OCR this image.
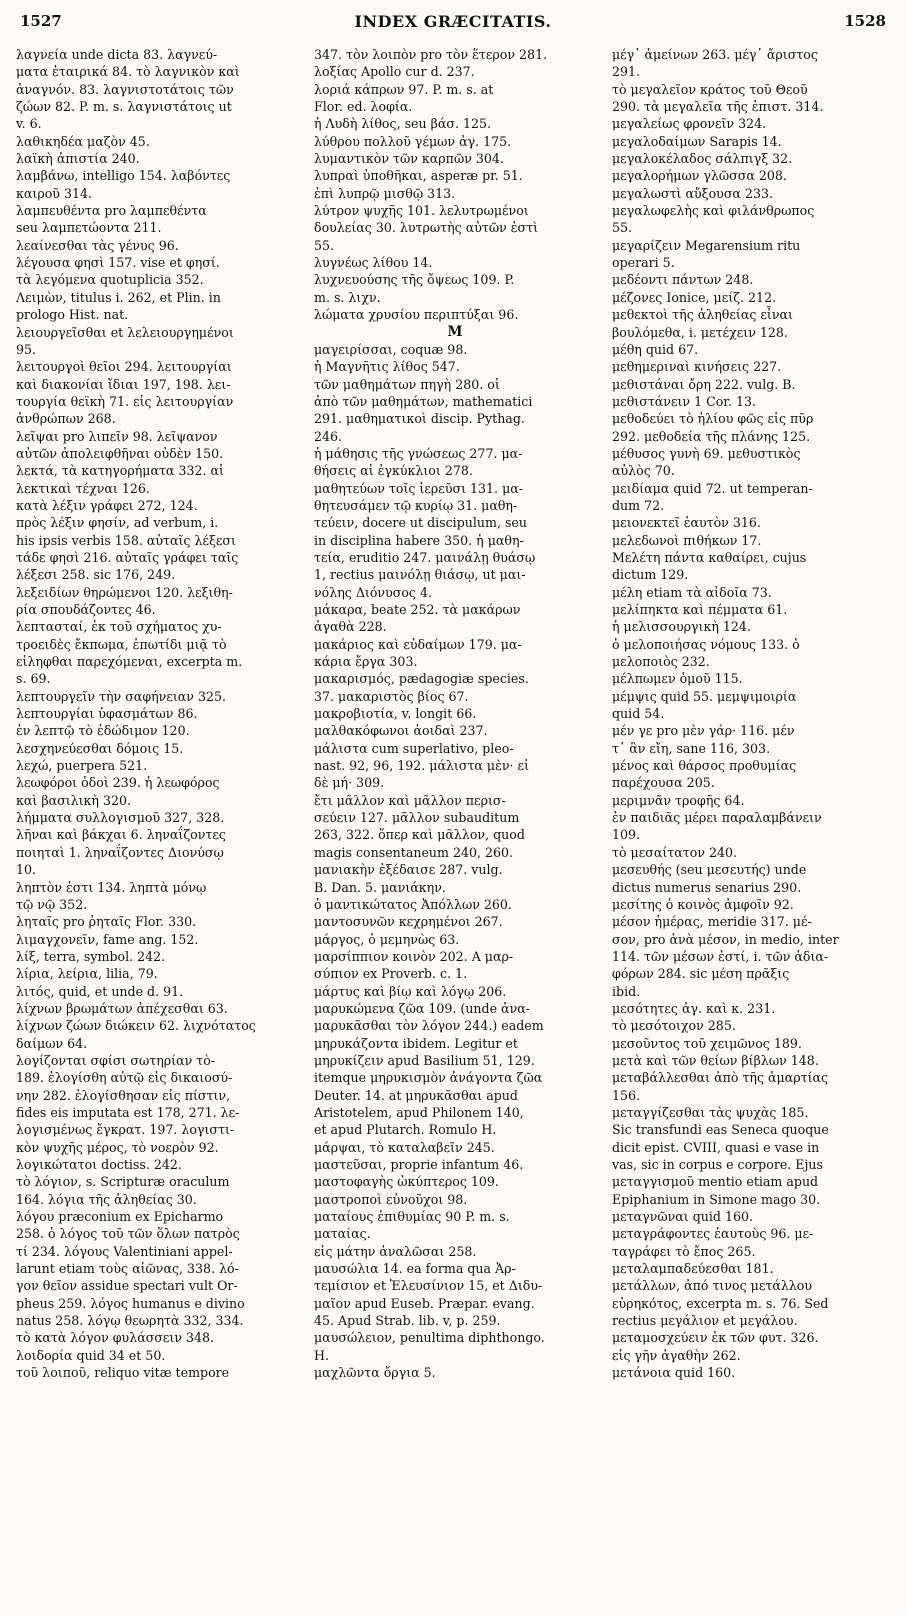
1527	INDEX GRÆCITATIS.	1528
λαγνεία unde dicta 83. λαγνεύ-
ματα ἑταιρικά 84. τὸ λαγνικὸν καὶ
ἀναγνόν. 83. λαγνιστοτάτοις τῶν
ζώων 82. P. m. s. λαγνιστάτοις ut
v. 6.
λαθικηδέα μαζὸν 45.
λαϊκὴ ἀπιστία 240.
λαμβάνω, intelligo 154. λαβόντες
καιροῦ 314.
λαμπευθέντα pro λαμπεθέντα
seu λαμπετώοντα 211.
λεαίνεσθαι τὰς γένυς 96.
λέγουσα φησὶ 157. vise et φησί.
τὰ λεγόμενα quotuplicia 352.
Λειμὼν, titulus i. 262, et Plin. in
prologo Hist. nat.
λειουργεῖσθαι et λελειουργημένοι
95.
λειτουργοὶ θεῖοι 294. λειτουργίαι
καὶ διακονίαι ἴδιαι 197, 198. λει-
τουργία θεϊκὴ 71. εἰς λειτουργίαν
ἀνθρώπων 268.
λεῖψαι pro λιπεῖν 98. λεῖψανον
αὐτῶν ἀπολειφθῆναι οὐδὲν 150.
λεκτά, τὰ κατηγορήματα 332. αἱ
λεκτικαὶ τέχναι 126.
κατὰ λέξιν γράφει 272, 124.
πρὸς λέξιν φησίν, ad verbum, i.
his ipsis verbis 158. αὐταῖς λέξεσι
τάδε φησὶ 216. αὐταῖς γράφει ταῖς
λέξεσι 258. sic 176, 249.
λεξειδίων θηρώμενοι 120. λεξιθη-
ρία σπουδάζοντες 46.
λεπτασταί, ἐκ τοῦ σχήματος χυ-
τροειδὲς ἔκπωμα, ἐπωτίδι μιᾷ τὸ
εἰληφθαι παρεχόμεναι, excerpta m.
s. 69.
λεπτουργεῖν τὴν σαφήνειαν 325.
λεπτουργίαι ὑφασμάτων 86.
ἐν λεπτῷ τὸ ἐδώδιμον 120.
λεσχηνεύεσθαι δόμοις 15.
λεχώ, puerpera 521.
λεωφόροι ὁδοὶ 239. ἡ λεωφόρος
καὶ βασιλικὴ 320.
λήμματα συλλογισμοῦ 327, 328.
λῆναι καὶ βάκχαι 6. ληναΐζοντες
ποιηταὶ 1. ληναΐζοντες Διονύσῳ
10.
ληπτὸν ἐστι 134. ληπτὰ μόνῳ
τῷ νῷ 352.
ληταῖς pro ῥηταῖς Flor. 330.
λιμαγχονεῖν, fame ang. 152.
λίξ, terra, symbol. 242.
λίρια, λείρια, lilia, 79.
λιτός, quid, et unde d. 91.
λίχνων βρωμάτων ἀπέχεσθαι 63.
λίχνων ζώων διώκειν 62. λιχνότατος
δαίμων 64.
λογίζονται σφίσι σωτηρίαν τὸ-
189. ἐλογίσθη αὐτῷ εἰς δικαιοσύ-
νην 282. ἐλογίσθησαν εἰς πίστιν,
fides eis imputata est 178, 271. λε-
λογισμένως ἔγκρατ. 197. λογιστι-
κὸν ψυχῆς μέρος, τὸ νοερὸν 92.
λογικώτατοι doctiss. 242.
τὸ λόγιον, s. Scripturæ oraculum
164. λόγια τῆς ἀληθείας 30.
λόγου præconium ex Epicharmo
258. ὁ λόγος τοῦ τῶν ὅλων πατρὸς
τί 234. λόγους Valentiniani appel-
larunt etiam τοὺς αἰῶνας, 338. λό-
γον θεῖον assidue spectari vult Or-
pheus 259. λόγος humanus e divino
natus 258. λόγῳ θεωρητὰ 332, 334.
τὸ κατὰ λόγον φυλάσσειν 348.
λοιδορία quid 34 et 50.
τοῦ λοιποῦ, reliquo vitæ tempore
347. τὸν λοιπὸν pro τὸν ἕτερον 281.
λοξίας Apollo cur d. 237.
λοριά κάπρων 97. P. m. s. at
Flor. ed. λοφία.
ἡ Λυδὴ λίθος, seu βάσ. 125.
λύθρου πολλοῦ γέμων ἀγ. 175.
λυμαντικὸν τῶν καρπῶν 304.
λυπραὶ ὑποθῆκαι, asperæ pr. 51.
ἐπὶ λυπρῷ μισθῷ 313.
λύτρον ψυχῆς 101. λελυτρωμένοι
δουλείας 30. λυτρωτὴς αὐτῶν ἐστὶ
55.
λυγνέως λίθου 14.
λυχνευούσης τῆς ὄψεως 109. P.
m. s. λιχν.
λώματα χρυσίου περιπτύξαι 96.
M
μαγειρίσσαι, coquæ 98.
ἡ Μαγνῆτις λίθος 547.
τῶν μαθημάτων πηγὴ 280. οἱ
ἀπὸ τῶν μαθημάτων, mathematici
291. μαθηματικοὶ discip. Pythag.
246.
ἡ μάθησις τῆς γνώσεως 277. μα-
θήσεις αἱ ἐγκύκλιοι 278.
μαθητεύων τοῖς ἱερεῦσι 131. μα-
θητευσάμεν τῷ κυρίῳ 31. μαθη-
τεύειν, docere ut discipulum, seu
in disciplina habere 350. ἡ μαθη-
τεία, eruditio 247. μαινάλῃ θυάσῳ
1, rectius μαινόλῃ θιάσῳ, ut μαι-
νόλης Διόνυσος 4.
μάκαρα, beate 252. τὰ μακάρων
ἀγαθὰ 228.
μακάριος καὶ εὐδαίμων 179. μα-
κάρια ἔργα 303.
μακαρισμός, pædagogiæ species.
37. μακαριστὸς βίος 67.
μακροβιοτία, v. longit 66.
μαλθακόφωνοι ἀοιδαὶ 237.
μάλιστα cum superlativo, pleo-
nast. 92, 96, 192. μάλιστα μὲν· εἰ
δὲ μή· 309.
ἔτι μᾶλλον καὶ μᾶλλον περισ-
σεύειν 127. μᾶλλον subauditum
263, 322. ὅπερ καὶ μᾶλλον, quod
magis consentaneum 240, 260.
μανιακὴν ἐξέδαισε 287. vulg.
B. Dan. 5. μανιάκην.
ὁ μαντικώτατος Ἀπόλλων 260.
μαντοσυνῶν κεχρημένοι 267.
μάργος, ὁ μεμηνὼς 63.
μαρσίππιον κοινὸν 202. A μαρ-
σύπιον ex Proverb. c. 1.
μάρτυς καὶ βίῳ καὶ λόγῳ 206.
μαρυκώμενα ζῶα 109. (unde ἀνα-
μαρυκᾶσθαι τὸν λόγον 244.) eadem
μηρυκάζοντα ibidem. Legitur et
μηρυκίζειν apud Basilium 51, 129.
itemque μηρυκισμὸν ἀνάγοντα ζῶα
Deuter. 14. at μηρυκᾶσθαι apud
Aristotelem, apud Philonem 140,
et apud Plutarch. Romulo H.
μάρψαι, τὸ καταλαβεῖν 245.
μαστεῦσαι, proprie infantum 46.
μαστοφαγὴς ὠκύπτερος 109.
μαστροποὶ εὐνοῦχοι 98.
ματαίους ἐπιθυμίας 90 P. m. s.
ματαίας.
εἰς μάτην ἀναλῶσαι 258.
μαυσώλια 14. ea forma qua Ἀρ-
τεμίσιον et Ἐλευσίνιον 15, et Διδυ-
μαῖον apud Euseb. Præpar. evang.
45. Apud Strab. lib. v, p. 259.
μαυσώλειον, penultima diphthongo.
H.
μαχλῶντα ὄργια 5.
μέγ᾽ ἀμείνων 263. μέγ᾽ ἄριστος
291.
τὸ μεγαλεῖον κράτος τοῦ Θεοῦ
290. τὰ μεγαλεῖα τῆς ἐπιστ. 314.
μεγαλείως φρονεῖν 324.
μεγαλοδαίμων Sarapis 14.
μεγαλοκέλαδος σάλπιγξ 32.
μεγαλορήμων γλῶσσα 208.
μεγαλωστὶ αὔξουσα 233.
μεγαλωφελὴς καὶ φιλάνθρωπος
55.
μεγαρίζειν Megarensium ritu
operari 5.
μεδέοντι πάντων 248.
μέζονες Ionice, μείζ. 212.
μεθεκτοὶ τῆς ἀληθείας εἶναι
βουλόμεθα, i. μετέχειν 128.
μέθη quid 67.
μεθημεριναὶ κινήσεις 227.
μεθιστάναι ὄρη 222. vulg. B.
μεθιστάνειν 1 Cor. 13.
μεθοδεύει τὸ ἡλίου φῶς εἰς πῦρ
292. μεθοδεία τῆς πλάνης 125.
μέθυσος γυνὴ 69. μεθυστικὸς
αὐλὸς 70.
μειδίαμα quid 72. ut temperan-
dum 72.
μειονεκτεῖ ἑαυτὸν 316.
μελεδωνοὶ πιθήκων 17.
Μελέτη πάντα καθαίρει, cujus
dictum 129.
μέλη etiam τὰ αἰδοῖα 73.
μελίπηκτα καὶ πέμματα 61.
ἡ μελισσουργικὴ 124.
ὁ μελοποιήσας νόμους 133. ὁ
μελοποιὸς 232.
μέλπωμεν ὁμοῦ 115.
μέμψις quid 55. μεμψιμοιρία
quid 54.
μέν γε pro μὲν γάρ· 116. μέν
τ᾽ ἂν εἴη, sane 116, 303.
μένος καὶ θάρσος προθυμίας
παρέχουσα 205.
μεριμνᾶν τροφῆς 64.
ἐν παιδιᾶς μέρει παραλαμβάνειν
109.
τὸ μεσαίτατον 240.
μεσευθής (seu μεσευτής) unde
dictus numerus senarius 290.
μεσίτης ὁ κοινὸς ἀμφοῖν 92.
μέσον ἡμέρας, meridie 317. μέ-
σον, pro ἀνὰ μέσον, in medio, inter
114. τῶν μέσων ἐστί, i. τῶν ἀδια-
φόρων 284. sic μέση πρᾶξις
ibid.
μεσότητες ἀγ. καὶ κ. 231.
τὸ μεσότοιχον 285.
μεσοῦντος τοῦ χειμῶνος 189.
μετὰ καὶ τῶν θείων βίβλων 148.
μεταβάλλεσθαι ἀπὸ τῆς ἁμαρτίας
156.
μεταγγίζεσθαι τὰς ψυχὰς 185.
Sic transfundi eas Seneca quoque
dicit epist. CVIII, quasi e vase in
vas, sic in corpus e corpore. Ejus
μεταγγισμοῦ mentio etiam apud
Epiphanium in Simone mago 30.
μεταγνῶναι quid 160.
μεταγράφοντες ἑαυτοὺς 96. με-
ταγράφει τὸ ἔπος 265.
μεταλαμπαδεύεσθαι 181.
μετάλλων, ἀπό τινος μετάλλου
εὑρηκότος, excerpta m. s. 76. Sed
rectius μεγάλιον et μεγάλου.
μεταμοσχεύειν ἐκ τῶν φυτ. 326.
εἰς γῆν ἀγαθὴν 262.
μετάνοια quid 160.
